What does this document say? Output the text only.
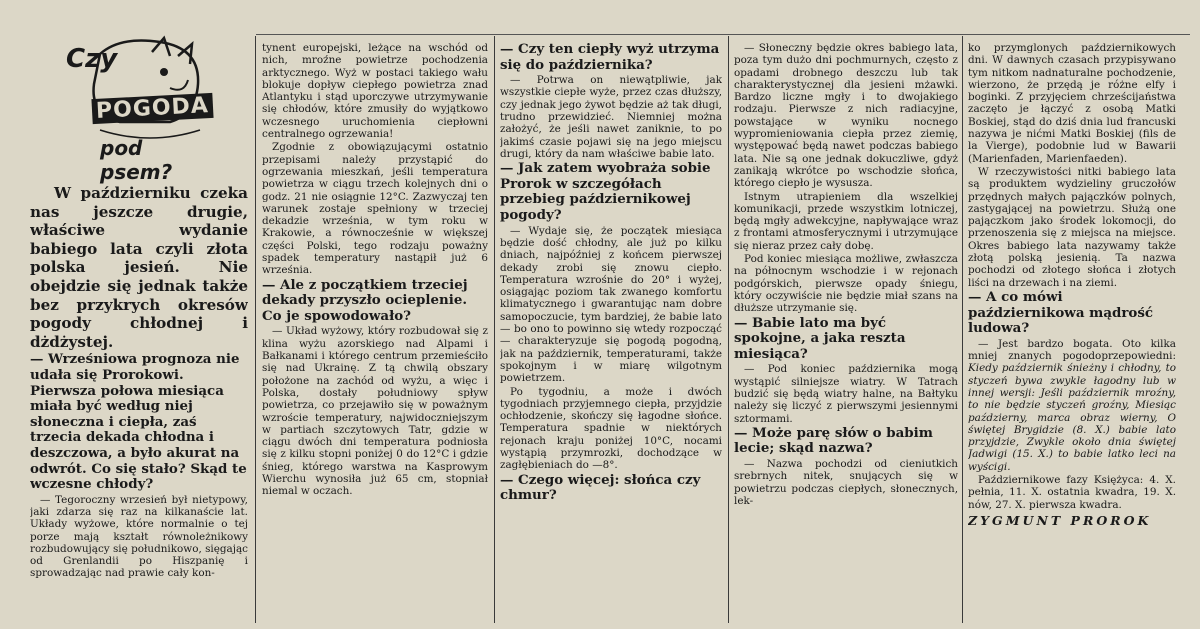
Czy
POGODA
pod psem?

W październiku czeka nas jeszcze drugie, właściwe wydanie babiego lata czyli złota polska jesień. Nie obejdzie się jednak także bez przykrych okresów pogody chłodnej i dżdżystej.

— Wrześniowa prognoza nie udała się Prorokowi. Pierwsza połowa miesiąca miała być według niej słoneczna i ciepła, zaś trzecia dekada chłodna i deszczowa, a było akurat na odwrót. Co się stało? Skąd te wczesne chłody?

— Tegoroczny wrzesień był nietypowy, jaki zdarza się raz na kilkanaście lat. Układy wyżowe, które normalnie o tej porze mają kształt równoleżnikowy rozbudowujący się południkowo, sięgając od Grenlandii po Hiszpanię i sprowadzając nad prawie cały kon-

tynent europejski, leżące na wschód od nich, mroźne powietrze pochodzenia arktycznego. Wyż w postaci takiego wału blokuje dopływ ciepłego powietrza znad Atlantyku i stąd uporczywe utrzymywanie się chłodów, które zmusiły do wyjątkowo wczesnego uruchomienia ciepłowni centralnego ogrzewania!

Zgodnie z obowiązującymi ostatnio przepisami należy przystąpić do ogrzewania mieszkań, jeśli temperatura powietrza w ciągu trzech kolejnych dni o godz. 21 nie osiągnie 12°C. Zazwyczaj ten warunek zostaje spełniony w trzeciej dekadzie września, w tym roku w Krakowie, a równocześnie w większej części Polski, tego rodzaju poważny spadek temperatury nastąpił już 6 września.

— Ale z początkiem trzeciej dekady przyszło ocieplenie. Co je spowodowało?

— Układ wyżowy, który rozbudował się z klina wyżu azorskiego nad Alpami i Bałkanami i którego centrum przemieściło się nad Ukrainę. Z tą chwilą obszary położone na zachód od wyżu, a więc i Polska, dostały południowy spływ powietrza, co przejawiło się w poważnym wzroście temperatury, najwidoczniejszym w partiach szczytowych Tatr, gdzie w ciągu dwóch dni temperatura podniosła się z kilku stopni poniżej 0 do 12°C i gdzie śnieg, którego warstwa na Kasprowym Wierchu wynosiła już 65 cm, stopniał niemal w oczach.

— Czy ten ciepły wyż utrzyma się do października?

— Potrwa on niewątpliwie, jak wszystkie ciepłe wyże, przez czas dłuższy, czy jednak jego żywot będzie aż tak długi, trudno przewidzieć. Niemniej można założyć, że jeśli nawet zaniknie, to po jakimś czasie pojawi się na jego miejscu drugi, który da nam właściwe babie lato.

— Jak zatem wyobraża sobie Prorok w szczegółach przebieg październikowej pogody?

— Wydaje się, że początek miesiąca będzie dość chłodny, ale już po kilku dniach, najpóźniej z końcem pierwszej dekady zrobi się znowu ciepło. Temperatura wzrośnie do 20° i wyżej, osiągając poziom tak zwanego komfortu klimatycznego i gwarantując nam dobre samopoczucie, tym bardziej, że babie lato — bo ono to powinno się wtedy rozpocząć — charakteryzuje się pogodą pogodną, jak na październik, temperaturami, także spokojnym i w miarę wilgotnym powietrzem.

Po tygodniu, a może i dwóch tygodniach przyjemnego ciepła, przyjdzie ochłodzenie, skończy się łagodne słońce. Temperatura spadnie w niektórych rejonach kraju poniżej 10°C, nocami wystąpią przymrozki, dochodzące w zagłębieniach do —8°.

— Czego więcej: słońca czy chmur?

— Słoneczny będzie okres babiego lata, poza tym dużo dni pochmurnych, często z opadami drobnego deszczu lub tak charakterystycznej dla jesieni mżawki. Bardzo liczne mgły i to dwojakiego rodzaju. Pierwsze z nich radiacyjne, powstające w wyniku nocnego wypromieniowania ciepła przez ziemię, występować będą nawet podczas babiego lata. Nie są one jednak dokuczliwe, gdyż zanikają wkrótce po wschodzie słońca, którego ciepło je wysusza.

Istnym utrapieniem dla wszelkiej komunikacji, przede wszystkim lotniczej, będą mgły adwekcyjne, napływające wraz z frontami atmosferycznymi i utrzymujące się nieraz przez cały dobę.

Pod koniec miesiąca możliwe, zwłaszcza na północnym wschodzie i w rejonach podgórskich, pierwsze opady śniegu, który oczywiście nie będzie miał szans na dłuższe utrzymanie się.

— Babie lato ma być spokojne, a jaka reszta miesiąca?

— Pod koniec października mogą wystąpić silniejsze wiatry. W Tatrach budzić się będą wiatry halne, na Bałtyku należy się liczyć z pierwszymi jesiennymi sztormami.

— Może parę słów o babim lecie; skąd nazwa?

— Nazwa pochodzi od cieniutkich srebrnych nitek, snujących się w powietrzu podczas ciepłych, słonecznych, lek-

ko przymglonych październikowych dni. W dawnych czasach przypisywano tym nitkom nadnaturalne pochodzenie, wierzono, że przędą je różne elfy i boginki. Z przyjęciem chrześcijaństwa zaczęto je łączyć z osobą Matki Boskiej, stąd do dziś dnia lud francuski nazywa je nićmi Matki Boskiej (fils de la Vierge), podobnie lud w Bawarii (Marienfaden, Marienfaeden).

W rzeczywistości nitki babiego lata są produktem wydzieliny gruczołów przędnych małych pajączków polnych, zastygającej na powietrzu. Służą one pajączkom jako środek lokomocji, do przenoszenia się z miejsca na miejsce. Okres babiego lata nazywamy także złotą polską jesienią. Ta nazwa pochodzi od złotego słońca i złotych liści na drzewach i na ziemi.

— A co mówi październikowa mądrość ludowa?

— Jest bardzo bogata. Oto kilka mniej znanych pogodoprzepowiedni: Kiedy październik śnieżny i chłodny, to styczeń bywa zwykle łagodny lub w innej wersji: Jeśli październik mroźny, to nie będzie styczeń groźny, Miesiąc październy, marca obraz wierny, O świętej Brygidzie (8. X.) babie lato przyjdzie, Zwykle około dnia świętej Jadwigi (15. X.) to babie latko leci na wyścigi.

Październikowe fazy Księżyca: 4. X. pełnia, 11. X. ostatnia kwadra, 19. X. nów, 27. X. pierwsza kwadra.

ZYGMUNT PROROK
